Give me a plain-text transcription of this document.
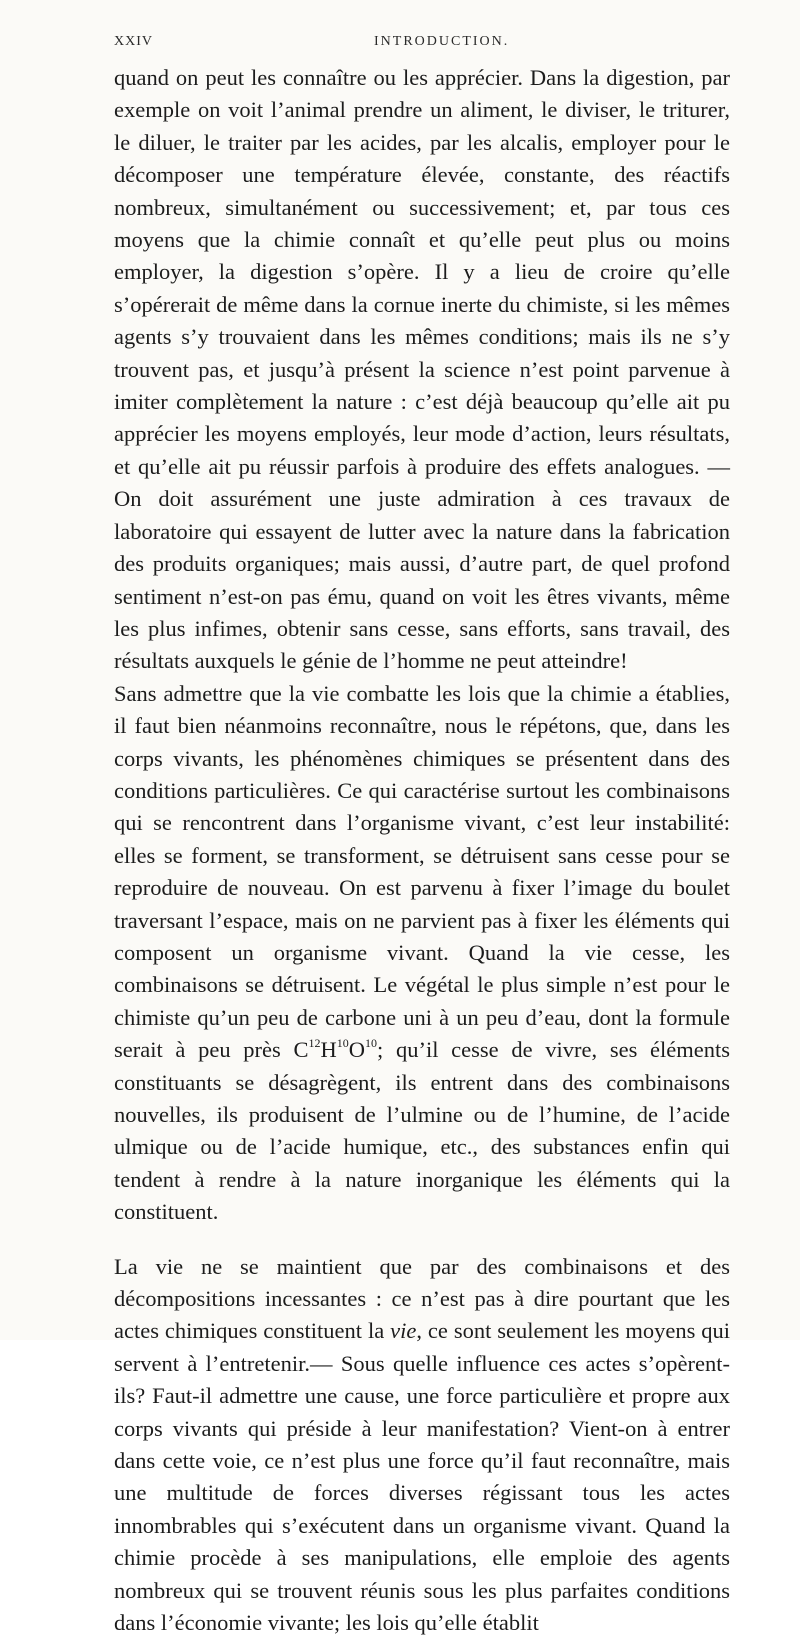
XXIV	INTRODUCTION.

quand on peut les connaître ou les apprécier. Dans la digestion, par exemple on voit l’animal prendre un aliment, le diviser, le triturer, le diluer, le traiter par les acides, par les alcalis, employer pour le décomposer une température élevée, constante, des réactifs nombreux, simultanément ou successivement; et, par tous ces moyens que la chimie connaît et qu’elle peut plus ou moins employer, la digestion s’opère. Il y a lieu de croire qu’elle s’opérerait de même dans la cornue inerte du chimiste, si les mêmes agents s’y trouvaient dans les mêmes conditions; mais ils ne s’y trouvent pas, et jusqu’à présent la science n’est point parvenue à imiter complètement la nature : c’est déjà beaucoup qu’elle ait pu apprécier les moyens employés, leur mode d’action, leurs résultats, et qu’elle ait pu réussir parfois à produire des effets analogues. — On doit assurément une juste admiration à ces travaux de laboratoire qui essayent de lutter avec la nature dans la fabrication des produits organiques; mais aussi, d’autre part, de quel profond sentiment n’est-on pas ému, quand on voit les êtres vivants, même les plus infimes, obtenir sans cesse, sans efforts, sans travail, des résultats auxquels le génie de l’homme ne peut atteindre!

Sans admettre que la vie combatte les lois que la chimie a établies, il faut bien néanmoins reconnaître, nous le répétons, que, dans les corps vivants, les phénomènes chimiques se présentent dans des conditions particulières. Ce qui caractérise surtout les combinaisons qui se rencontrent dans l’organisme vivant, c’est leur instabilité: elles se forment, se transforment, se détruisent sans cesse pour se reproduire de nouveau. On est parvenu à fixer l’image du boulet traversant l’espace, mais on ne parvient pas à fixer les éléments qui composent un organisme vivant. Quand la vie cesse, les combinaisons se détruisent. Le végétal le plus simple n’est pour le chimiste qu’un peu de carbone uni à un peu d’eau, dont la formule serait à peu près $C^{12}H^{10}O^{10}$; qu’il cesse de vivre, ses éléments constituants se désagrègent, ils entrent dans des combinaisons nouvelles, ils produisent de l’ulmine ou de l’humine, de l’acide ulmique ou de l’acide humique, etc., des substances enfin qui tendent à rendre à la nature inorganique les éléments qui la constituent.

La vie ne se maintient que par des combinaisons et des décompositions incessantes : ce n’est pas à dire pourtant que les actes chimiques constituent la vie, ce sont seulement les moyens qui servent à l’entretenir.— Sous quelle influence ces actes s’opèrent-ils? Faut-il admettre une cause, une force particulière et propre aux corps vivants qui préside à leur manifestation? Vient-on à entrer dans cette voie, ce n’est plus une force qu’il faut reconnaître, mais une multitude de forces diverses régissant tous les actes innombrables qui s’exécutent dans un organisme vivant. Quand la chimie procède à ses manipulations, elle emploie des agents nombreux qui se trouvent réunis sous les plus parfaites conditions dans l’économie vivante; les lois qu’elle établit
